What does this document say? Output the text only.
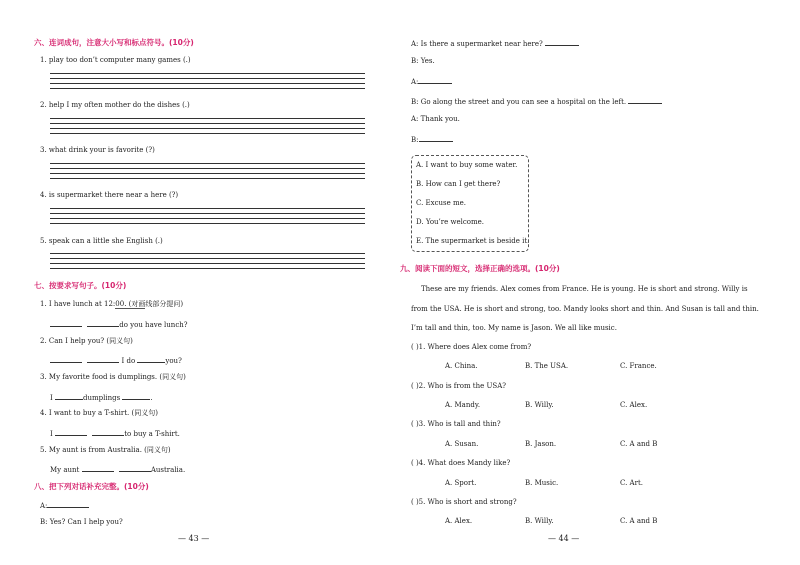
六、连词成句，注意大小写和标点符号。(10分)
1. play too don’t computer many games (.)
2. help I my often mother do the dishes (.)
3. what drink your is favorite (?)
4. is supermarket there near a here (?)
5. speak can a little she English (.)
七、按要求写句子。(10分)
1. I have lunch at 12:00. (对画线部分提问)
do you have lunch?
2. Can I help you? (同义句)
I do	you?
3. My favorite food is dumplings. (同义句)
I	dumplings	.
4. I want to buy a T-shirt. (同义句)
I	to buy a T-shirt.
5. My aunt is from Australia. (同义句)
My aunt	Australia.
八、把下列对话补充完整。(10分)
A:
B: Yes? Can I help you?
— 43 —
A: Is there a supermarket near here?
B: Yes.
A:
B: Go along the street and you can see a hospital on the left.
A: Thank you.
B:
A. I want to buy some water.
B. How can I get there?
C. Excuse me.
D. You’re welcome.
E. The supermarket is beside it.
九、阅读下面的短文，选择正确的选项。(10分)
These are my friends. Alex comes from France. He is young. He is short and strong. Willy is
from the USA. He is short and strong, too. Mandy looks short and thin. And Susan is tall and thin.
I’m tall and thin, too. My name is Jason. We all like music.
( )1. Where does Alex come from?
A. China.	B. The USA.	C. France.
( )2. Who is from the USA?
A. Mandy.	B. Willy.	C. Alex.
( )3. Who is tall and thin?
A. Susan.	B. Jason.	C. A and B
( )4. What does Mandy like?
A. Sport.	B. Music.	C. Art.
( )5. Who is short and strong?
A. Alex.	B. Willy.	C. A and B
— 44 —
